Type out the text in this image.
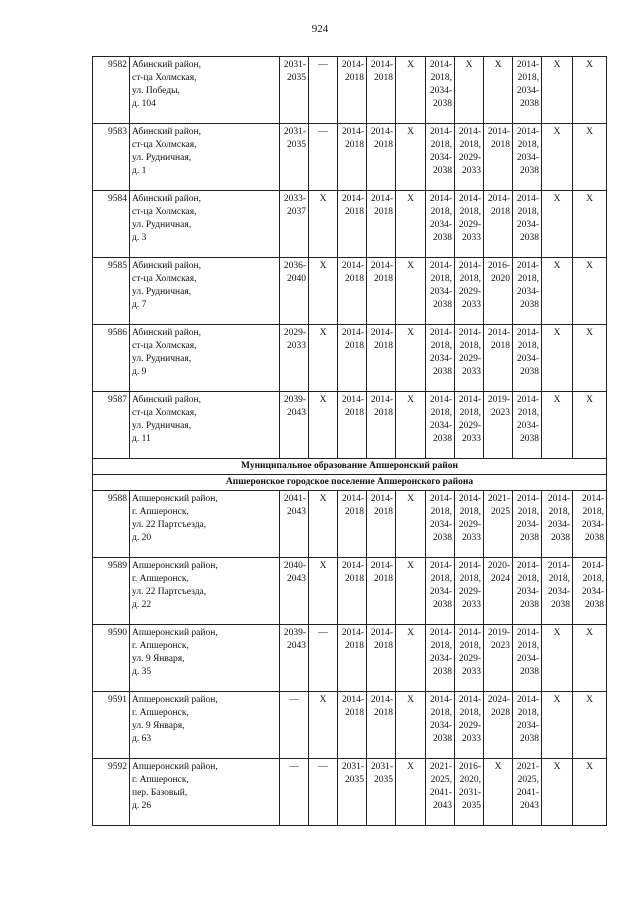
924
9582	Абинский район,
ст-ца Холмская,
ул. Победы,
д. 104	2031-
2035	—	2014-
2018	2014-
2018	X	2014-
2018,
2034-
2038	X	X	2014-
2018,
2034-
2038	X	X
9583	Абинский район,
ст-ца Холмская,
ул. Рудничная,
д. 1	2031-
2035	—	2014-
2018	2014-
2018	X	2014-
2018,
2034-
2038	2014-
2018,
2029-
2033	2014-
2018	2014-
2018,
2034-
2038	X	X
9584	Абинский район,
ст-ца Холмская,
ул. Рудничная,
д. 3	2033-
2037	X	2014-
2018	2014-
2018	X	2014-
2018,
2034-
2038	2014-
2018,
2029-
2033	2014-
2018	2014-
2018,
2034-
2038	X	X
9585	Абинский район,
ст-ца Холмская,
ул. Рудничная,
д. 7	2036-
2040	X	2014-
2018	2014-
2018	X	2014-
2018,
2034-
2038	2014-
2018,
2029-
2033	2016-
2020	2014-
2018,
2034-
2038	X	X
9586	Абинский район,
ст-ца Холмская,
ул. Рудничная,
д. 9	2029-
2033	X	2014-
2018	2014-
2018	X	2014-
2018,
2034-
2038	2014-
2018,
2029-
2033	2014-
2018	2014-
2018,
2034-
2038	X	X
9587	Абинский район,
ст-ца Холмская,
ул. Рудничная,
д. 11	2039-
2043	X	2014-
2018	2014-
2018	X	2014-
2018,
2034-
2038	2014-
2018,
2029-
2033	2019-
2023	2014-
2018,
2034-
2038	X	X
Муниципальное образование Апшеронский район												
Апшеронское городское поселение Апшеронского района												
9588	Апшеронский район,
г. Апшеронск,
ул. 22 Партсъезда,
д. 20	2041-
2043	X	2014-
2018	2014-
2018	X	2014-
2018,
2034-
2038	2014-
2018,
2029-
2033	2021-
2025	2014-
2018,
2034-
2038	2014-
2018,
2034-
2038	2014-
2018,
2034-
2038
9589	Апшеронский район,
г. Апшеронск,
ул. 22 Партсъезда,
д. 22	2040-
2043	X	2014-
2018	2014-
2018	X	2014-
2018,
2034-
2038	2014-
2018,
2029-
2033	2020-
2024	2014-
2018,
2034-
2038	2014-
2018,
2034-
2038	2014-
2018,
2034-
2038
9590	Апшеронский район,
г. Апшеронск,
ул. 9 Января,
д. 35	2039-
2043	—	2014-
2018	2014-
2018	X	2014-
2018,
2034-
2038	2014-
2018,
2029-
2033	2019-
2023	2014-
2018,
2034-
2038	X	X
9591	Апшеронский район,
г. Апшеронск,
ул. 9 Января,
д. 63	—	X	2014-
2018	2014-
2018	X	2014-
2018,
2034-
2038	2014-
2018,
2029-
2033	2024-
2028	2014-
2018,
2034-
2038	X	X
9592	Апшеронский район,
г. Апшеронск,
пер. Базовый,
д. 26	—	—	2031-
2035	2031-
2035	X	2021-
2025,
2041-
2043	2016-
2020,
2031-
2035	X	2021-
2025,
2041-
2043	X	X
